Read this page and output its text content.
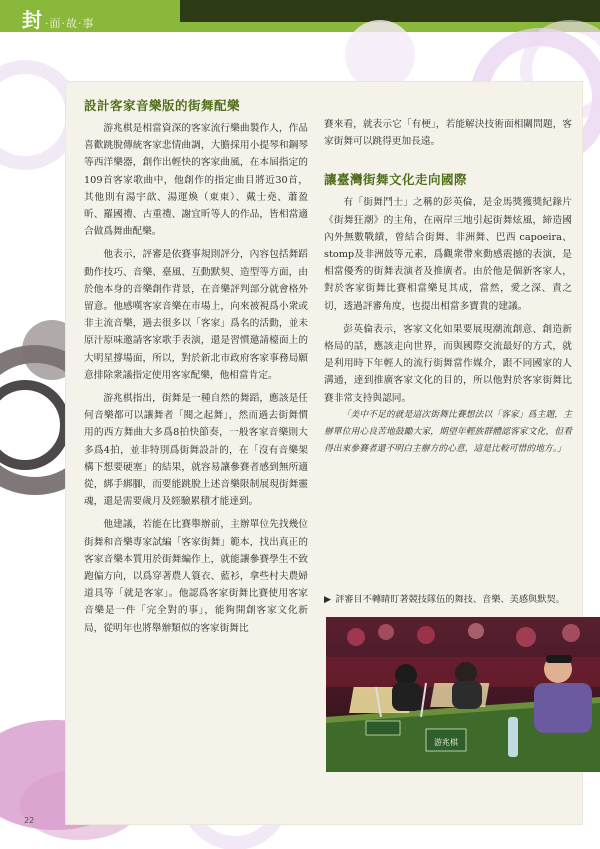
封 ·面·故·事
設計客家音樂版的街舞配樂

游兆棋是相當資深的客家流行樂曲製作人，作品喜歡跳脫傳統客家悲情曲調，大膽採用小提琴和鋼琴等西洋樂器，創作出輕快的客家曲風，在本屆指定的109首客家歌曲中，他創作的指定曲目將近30首，其他則有湯宇歆、湯運煥（東東）、戴士堯、蕭盈昕、羅國禮、古重禮、謝宜昕等人的作品，皆相當適合做爲舞曲配樂。

他表示，評審是依賽事規則評分，內容包括舞蹈動作技巧、音樂、臺風、互動默契、造型等方面，由於他本身的音樂創作背景，在音樂評判部分就會格外留意。他感嘆客家音樂在市場上，向來被視爲小衆或非主流音樂，過去很多以「客家」爲名的活動，並未原汁原味邀請客家歌手表演，還是習慣邀請檯面上的大明星撐場面，所以，對於新北市政府客家事務局願意排除衆議指定使用客家配樂，他相當肯定。

游兆棋指出，街舞是一種自然的舞蹈，應該是任何音樂都可以讓舞者「閱之起舞」，然而過去街舞慣用的西方舞曲大多爲8拍快節奏，一般客家音樂則大多爲4拍，並非特別爲街舞設計的，在「沒有音樂架構下想要硬塞」的結果，就容易讓參賽者感到無所適從，綁手綁腳，而要能跳脫上述音樂限制展現街舞靈魂，還是需要歲月及經驗累積才能達到。

他建議，若能在比賽舉辦前，主辦單位先找幾位街舞和音樂專家試編「客家街舞」範本，找出真正的客家音樂本質用於街舞編作上，就能讓參賽學生不致跑偏方向，以爲穿著農人簑衣、藍衫，拿些村夫農婦道具等「就是客家」。他認爲客家街舞比賽使用客家音樂是一件「完全對的事」，能夠開創客家文化新局，從明年也將舉辦類似的客家街舞比

賽來看，就表示它「有梗」，若能解決技術面相關問題，客家街舞可以跳得更加長遠。

讓臺灣街舞文化走向國際

有「街舞鬥士」之稱的彭英倫，是金馬獎獲獎紀錄片《街舞狂潮》的主角，在兩岸三地引起街舞炫風，締造國內外無數戰績，曾結合街舞、非洲舞、巴西 capoeira、stomp及非洲鼓等元素，爲觀衆帶來動感震撼的表演，是相當優秀的街舞表演者及推廣者。由於他是個新客家人，對於客家街舞比賽相當樂見其成，當然，愛之深、責之切，透過評審角度，也提出相當多寶貴的建議。

彭英倫表示，客家文化如果要展現潮流創意、創造新格局的話，應該走向世界，而與國際交流最好的方式，就是利用時下年輕人的流行街舞當作媒介，跟不同國家的人溝通，達到推廣客家文化的目的，所以他對於客家街舞比賽非常支持與認同。

「美中不足的就是這次街舞比賽想法以「客家」爲主題，主辦單位用心良苦地鼓勵大家，期望年輕族群體認客家文化，但看得出來參賽者還不明白主辦方的心意，這是比較可惜的地方。」

▶ 評審目不轉睛盯著競技隊伍的舞技、音樂、美感與默契。
游兆棋
22
